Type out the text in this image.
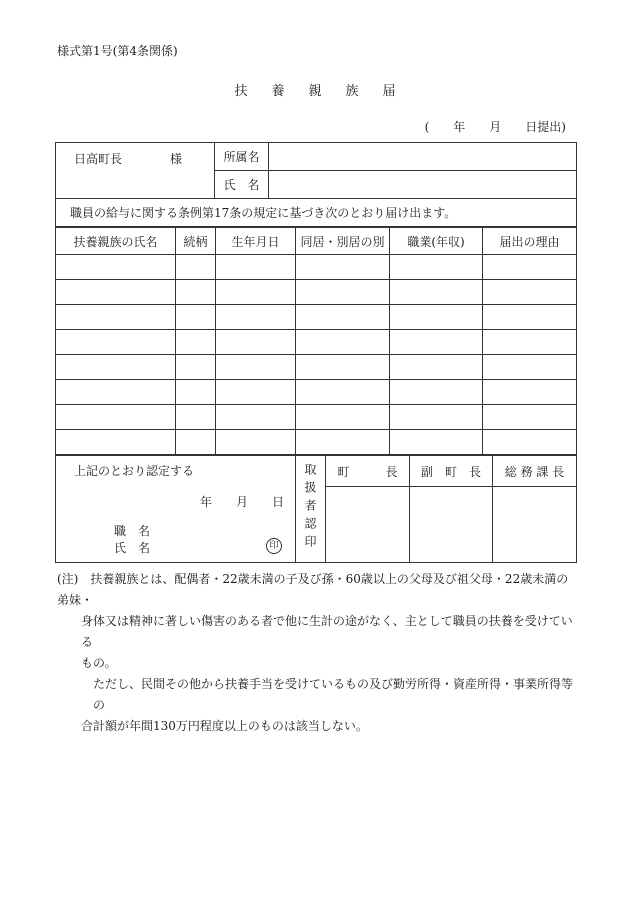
様式第1号(第4条関係)
扶養親族届
(　　年　　月　　日提出)
日高町長 様	所属名	
	氏　名	
職員の給与に関する条例第17条の規定に基づき次のとおり届け出ます。		
扶養親族の氏名	続柄	生年月日	同居・別居の別	職業(年収)	届出の理由

上記のとおり認定する
年　　月　　日
職　名
氏　名 印	取扱者認印	町　　　長	副　町　長	総 務 課 長

(注)　 扶養親族とは、配偶者・22歳未満の子及び孫・60歳以上の父母及び祖父母・22歳未満の弟妹・
身体又は精神に著しい傷害のある者で他に生計の途がなく、主として職員の扶養を受けている
もの。
ただし、民間その他から扶養手当を受けているもの及び勤労所得・資産所得・事業所得等の
合計額が年間130万円程度以上のものは該当しない。
